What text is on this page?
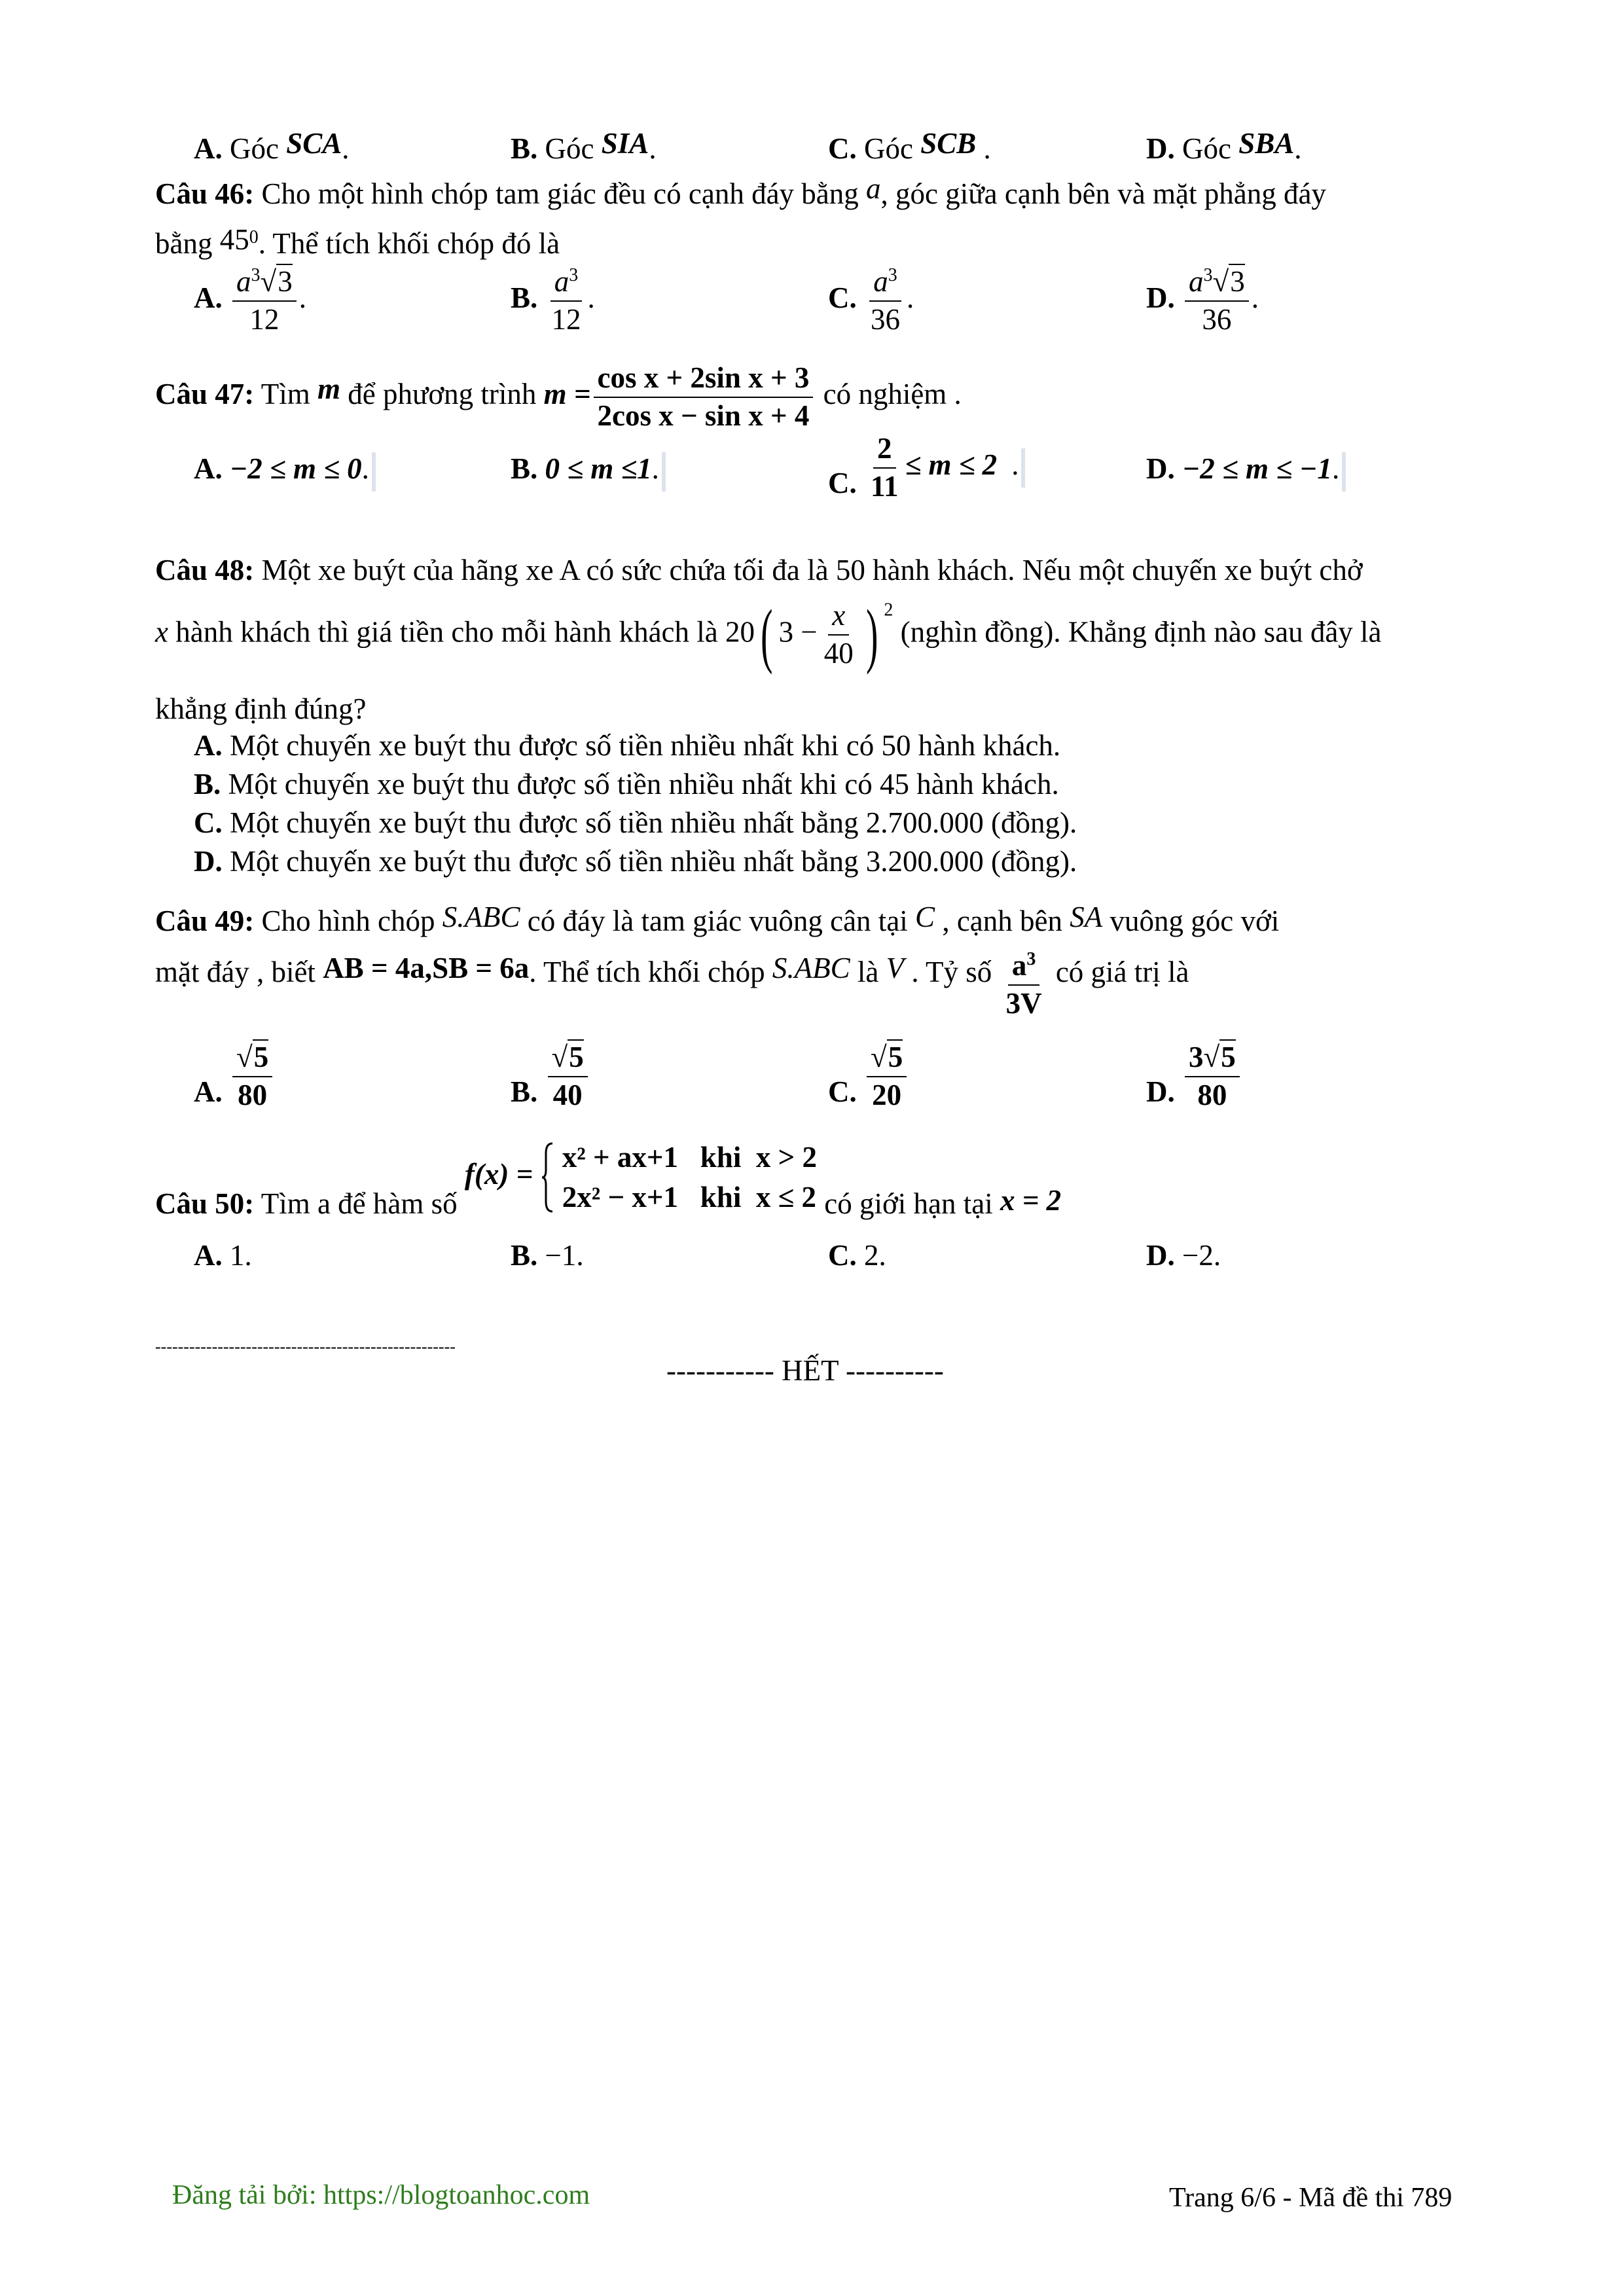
A. Góc SCA.	B. Góc SIA.	C. Góc SCB .	D. Góc SBA.
Câu 46: Cho một hình chóp tam giác đều có cạnh đáy bằng a, góc giữa cạnh bên và mặt phẳng đáy
bằng $45^0$. Thể tích khối chóp đó là
A. $\frac{a^3√3}{12}$ .	B. $\frac{a^3}{12}$ .	C. $\frac{a^3}{36}$ .	D. $\frac{a^3√3}{36}$ .
Câu 47: Tìm m để phương trình $m = \frac{\text{cos x + 2sin x + 3}}{\text{2cos x − sin x + 4}}$ có nghiệm .
A. −2 ≤ m ≤ 0.	B. 0 ≤ m ≤1.	C. $\frac{2}{11} \le m \le 2$ .	D. −2 ≤ m ≤ −1.
Câu 48: Một xe buýt của hãng xe A có sức chứa tối đa là 50 hành khách. Nếu một chuyến xe buýt chở
x hành khách thì giá tiền cho mỗi hành khách là 20( $3 - \frac{x}{40}$ ) $^2$ (nghìn đồng). Khẳng định nào sau đây là
khẳng định đúng?
A. Một chuyến xe buýt thu được số tiền nhiều nhất khi có 50 hành khách.
B. Một chuyến xe buýt thu được số tiền nhiều nhất khi có 45 hành khách.
C. Một chuyến xe buýt thu được số tiền nhiều nhất bằng 2.700.000 (đồng).
D. Một chuyến xe buýt thu được số tiền nhiều nhất bằng 3.200.000 (đồng).
Câu 49: Cho hình chóp S.ABC có đáy là tam giác vuông cân tại C , cạnh bên SA vuông góc với
mặt đáy , biết AB = 4a,SB = 6a. Thể tích khối chóp S.ABC là V . Tỷ số $\frac{a^3}{3V}$ có giá trị là
A. $\frac{√5}{80}$	B. $\frac{√5}{40}$	C. $\frac{√5}{20}$	D. $\frac{3√5}{80}$
Câu 50: Tìm a để hàm số f(x) =
x² + ax+1   khi  x > 2
2x² − x+1   khi  x ≤ 2 có giới hạn tại x = 2
A. 1.	B. −1.	C. 2.	D. −2.
-----------------------------------------------------
----------- HẾT ----------
Đăng tải bởi: https://blogtoanhoc.com	Trang 6/6 - Mã đề thi 789
